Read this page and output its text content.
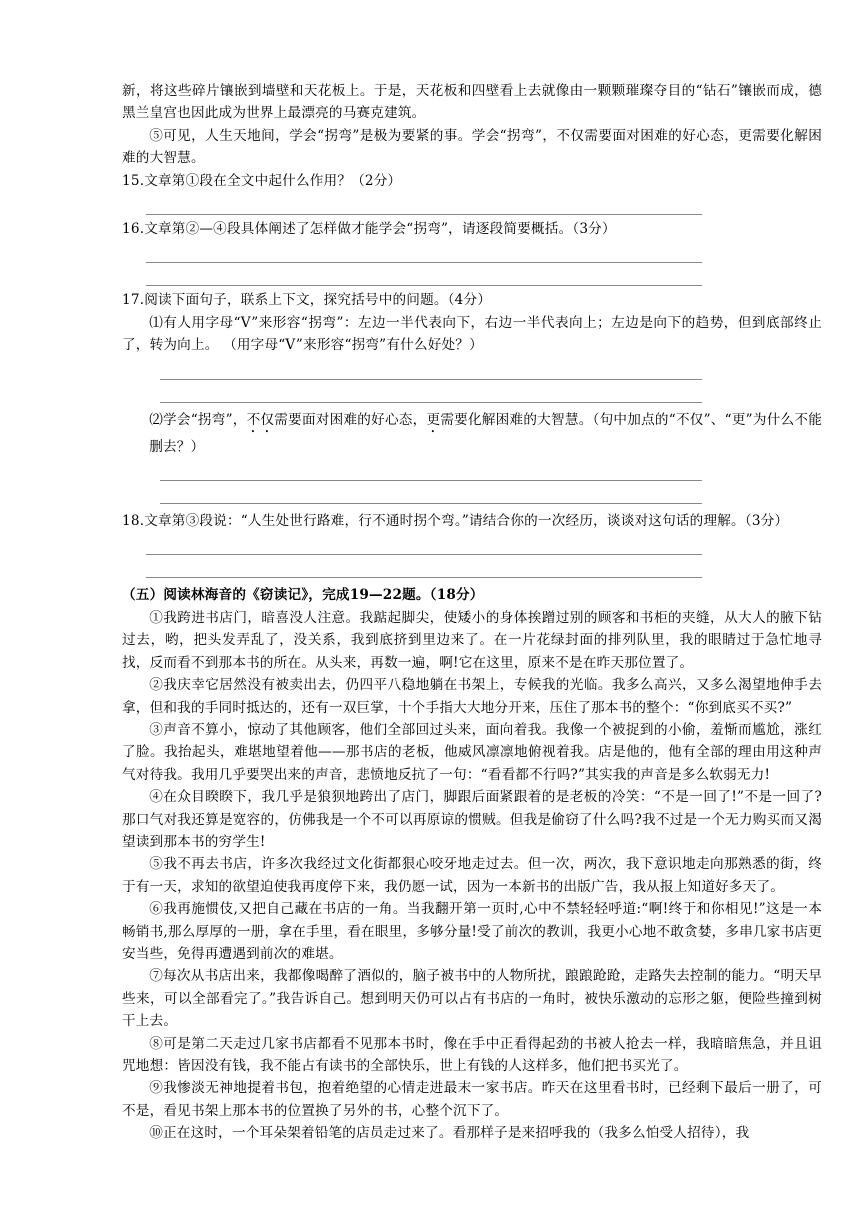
新，将这些碎片镶嵌到墙壁和天花板上。于是，天花板和四壁看上去就像由一颗颗璀璨夺目的“钻石”镶嵌而成，德黑兰皇宫也因此成为世界上最漂亮的马赛克建筑。

⑤可见，人生天地间，学会“拐弯”是极为要紧的事。学会“拐弯”，不仅需要面对困难的好心态，更需要化解困难的大智慧。

15.文章第①段在全文中起什么作用？（2分）

16.文章第②—④段具体阐述了怎样做才能学会“拐弯”，请逐段简要概括。（3分）

17.阅读下面句子，联系上下文，探究括号中的问题。（4分）

⑴有人用字母“V”来形容“拐弯”：左边一半代表向下，右边一半代表向上；左边是向下的趋势，但到底部终止了，转为向上。 （用字母“V”来形容“拐弯”有什么好处？）

⑵学会“拐弯”，不仅需要面对困难的好心态，更需要化解困难的大智慧。（句中加点的“不仅”、“更”为什么不能删去？）

18.文章第③段说：“人生处世行路难，行不通时拐个弯。”请结合你的一次经历，谈谈对这句话的理解。（3分）

（五）阅读林海音的《窃读记》，完成19—22题。（18分）

①我跨进书店门，暗喜没人注意。我踮起脚尖，使矮小的身体挨蹭过别的顾客和书柜的夹缝，从大人的腋下钻过去，哟，把头发弄乱了，没关系，我到底挤到里边来了。在一片花绿封面的排列队里，我的眼睛过于急忙地寻找，反而看不到那本书的所在。从头来，再数一遍，啊!它在这里，原来不是在昨天那位置了。

②我庆幸它居然没有被卖出去，仍四平八稳地躺在书架上，专候我的光临。我多么高兴，又多么渴望地伸手去拿，但和我的手同时抵达的，还有一双巨掌，十个手指大大地分开来，压住了那本书的整个：“你到底买不买?”

③声音不算小，惊动了其他顾客，他们全部回过头来，面向着我。我像一个被捉到的小偷，羞惭而尴尬，涨红了脸。我抬起头，难堪地望着他——那书店的老板，他威风凛凛地俯视着我。店是他的，他有全部的理由用这种声气对待我。我用几乎要哭出来的声音，悲愤地反抗了一句：“看看都不行吗?”其实我的声音是多么软弱无力!

④在众目睽睽下，我几乎是狼狈地跨出了店门，脚跟后面紧跟着的是老板的冷笑：“不是一回了!”不是一回了?那口气对我还算是宽容的，仿佛我是一个不可以再原谅的惯贼。但我是偷窃了什么吗?我不过是一个无力购买而又渴望读到那本书的穷学生!

⑤我不再去书店，许多次我经过文化街都狠心咬牙地走过去。但一次，两次，我下意识地走向那熟悉的街，终于有一天，求知的欲望迫使我再度停下来，我仍愿一试，因为一本新书的出版广告，我从报上知道好多天了。

⑥我再施惯伎,又把自己藏在书店的一角。当我翻开第一页时,心中不禁轻轻呼道:“啊!终于和你相见!”这是一本畅销书,那么厚厚的一册，拿在手里，看在眼里，多够分量!受了前次的教训，我更小心地不敢贪婪，多串几家书店更安当些，免得再遭遇到前次的难堪。

⑦每次从书店出来，我都像喝醉了酒似的，脑子被书中的人物所扰，踉踉跄跄，走路失去控制的能力。“明天早些来，可以全部看完了。”我告诉自己。想到明天仍可以占有书店的一角时，被快乐激动的忘形之躯，便险些撞到树干上去。

⑧可是第二天走过几家书店都看不见那本书时，像在手中正看得起劲的书被人抢去一样，我暗暗焦急，并且诅咒地想：皆因没有钱，我不能占有读书的全部快乐，世上有钱的人这样多，他们把书买光了。

⑨我惨淡无神地提着书包，抱着绝望的心情走进最末一家书店。昨天在这里看书时，已经剩下最后一册了，可不是，看见书架上那本书的位置换了另外的书，心整个沉下了。

⑩正在这时，一个耳朵架着铅笔的店员走过来了。看那样子是来招呼我的（我多么怕受人招待），我
